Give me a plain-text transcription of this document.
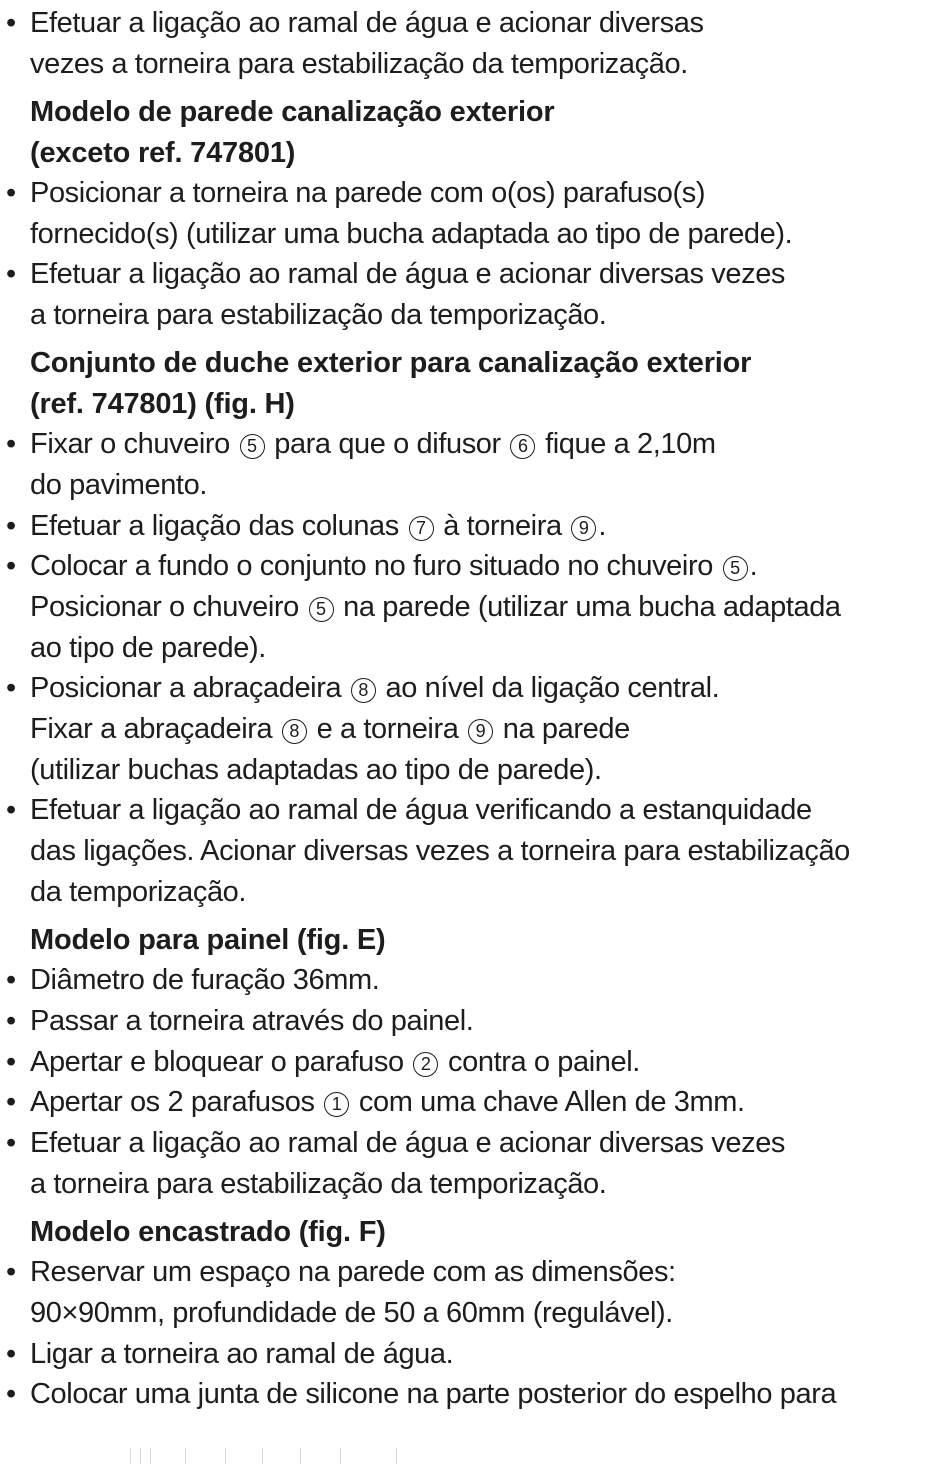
• Efetuar a ligação ao ramal de água e acionar diversas
vezes a torneira para estabilização da temporização.
Modelo de parede canalização exterior
(exceto ref. 747801)
• Posicionar a torneira na parede com o(os) parafuso(s)
fornecido(s) (utilizar uma bucha adaptada ao tipo de parede).
• Efetuar a ligação ao ramal de água e acionar diversas vezes
a torneira para estabilização da temporização.
Conjunto de duche exterior para canalização exterior
(ref. 747801) (fig. H)
• Fixar o chuveiro 5 para que o difusor 6 fique a 2,10m
do pavimento.
• Efetuar a ligação das colunas 7 à torneira 9 .
• Colocar a fundo o conjunto no furo situado no chuveiro 5 .
Posicionar o chuveiro 5 na parede (utilizar uma bucha adaptada
ao tipo de parede).
• Posicionar a abraçadeira 8 ao nível da ligação central.
Fixar a abraçadeira 8 e a torneira 9 na parede
(utilizar buchas adaptadas ao tipo de parede).
• Efetuar a ligação ao ramal de água verificando a estanquidade
das ligações. Acionar diversas vezes a torneira para estabilização
da temporização.
Modelo para painel (fig. E)
• Diâmetro de furação 36mm.
• Passar a torneira através do painel.
• Apertar e bloquear o parafuso 2 contra o painel.
• Apertar os 2 parafusos 1 com uma chave Allen de 3mm.
• Efetuar a ligação ao ramal de água e acionar diversas vezes
a torneira para estabilização da temporização.
Modelo encastrado (fig. F)
• Reservar um espaço na parede com as dimensões:
90×90mm, profundidade de 50 a 60mm (regulável).
• Ligar a torneira ao ramal de água.
• Colocar uma junta de silicone na parte posterior do espelho para
